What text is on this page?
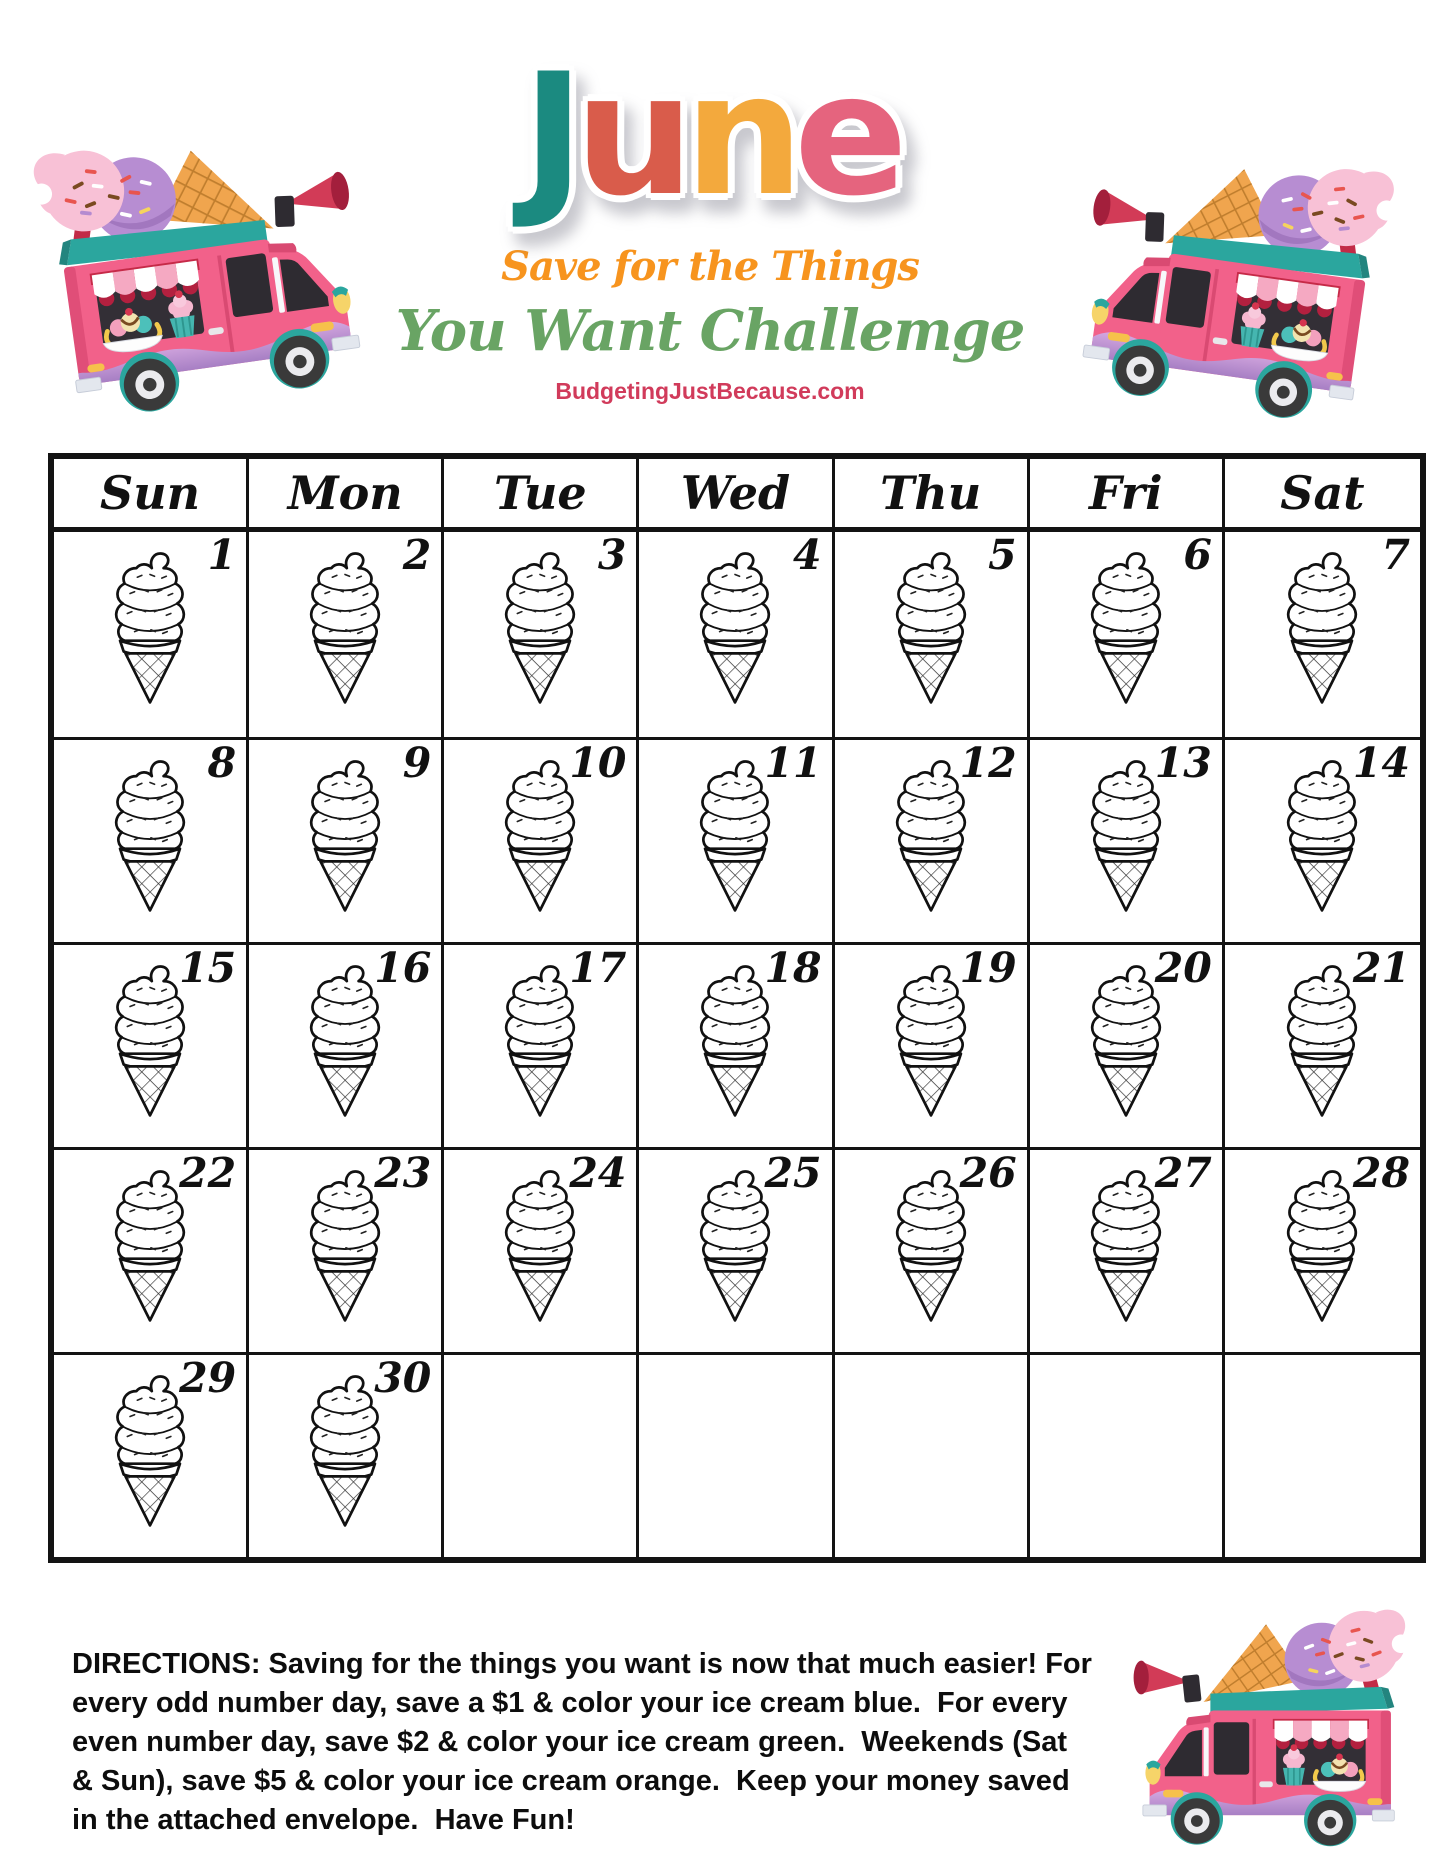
June
Save for the Things
You Want Challemge
BudgetingJustBecause.com
Sun	Mon	Tue	Wed	Thu	Fri	Sat
1	2	3	4	5	6	7
8	9	10	11	12	13	14
15	16	17	18	19	20	21
22	23	24	25	26	27	28
29	30
DIRECTIONS: Saving for the things you want is now that much easier! For
every odd number day, save a $1 & color your ice cream blue.  For every
even number day, save $2 & color your ice cream green.  Weekends (Sat
& Sun), save $5 & color your ice cream orange.  Keep your money saved
in the attached envelope.  Have Fun!
